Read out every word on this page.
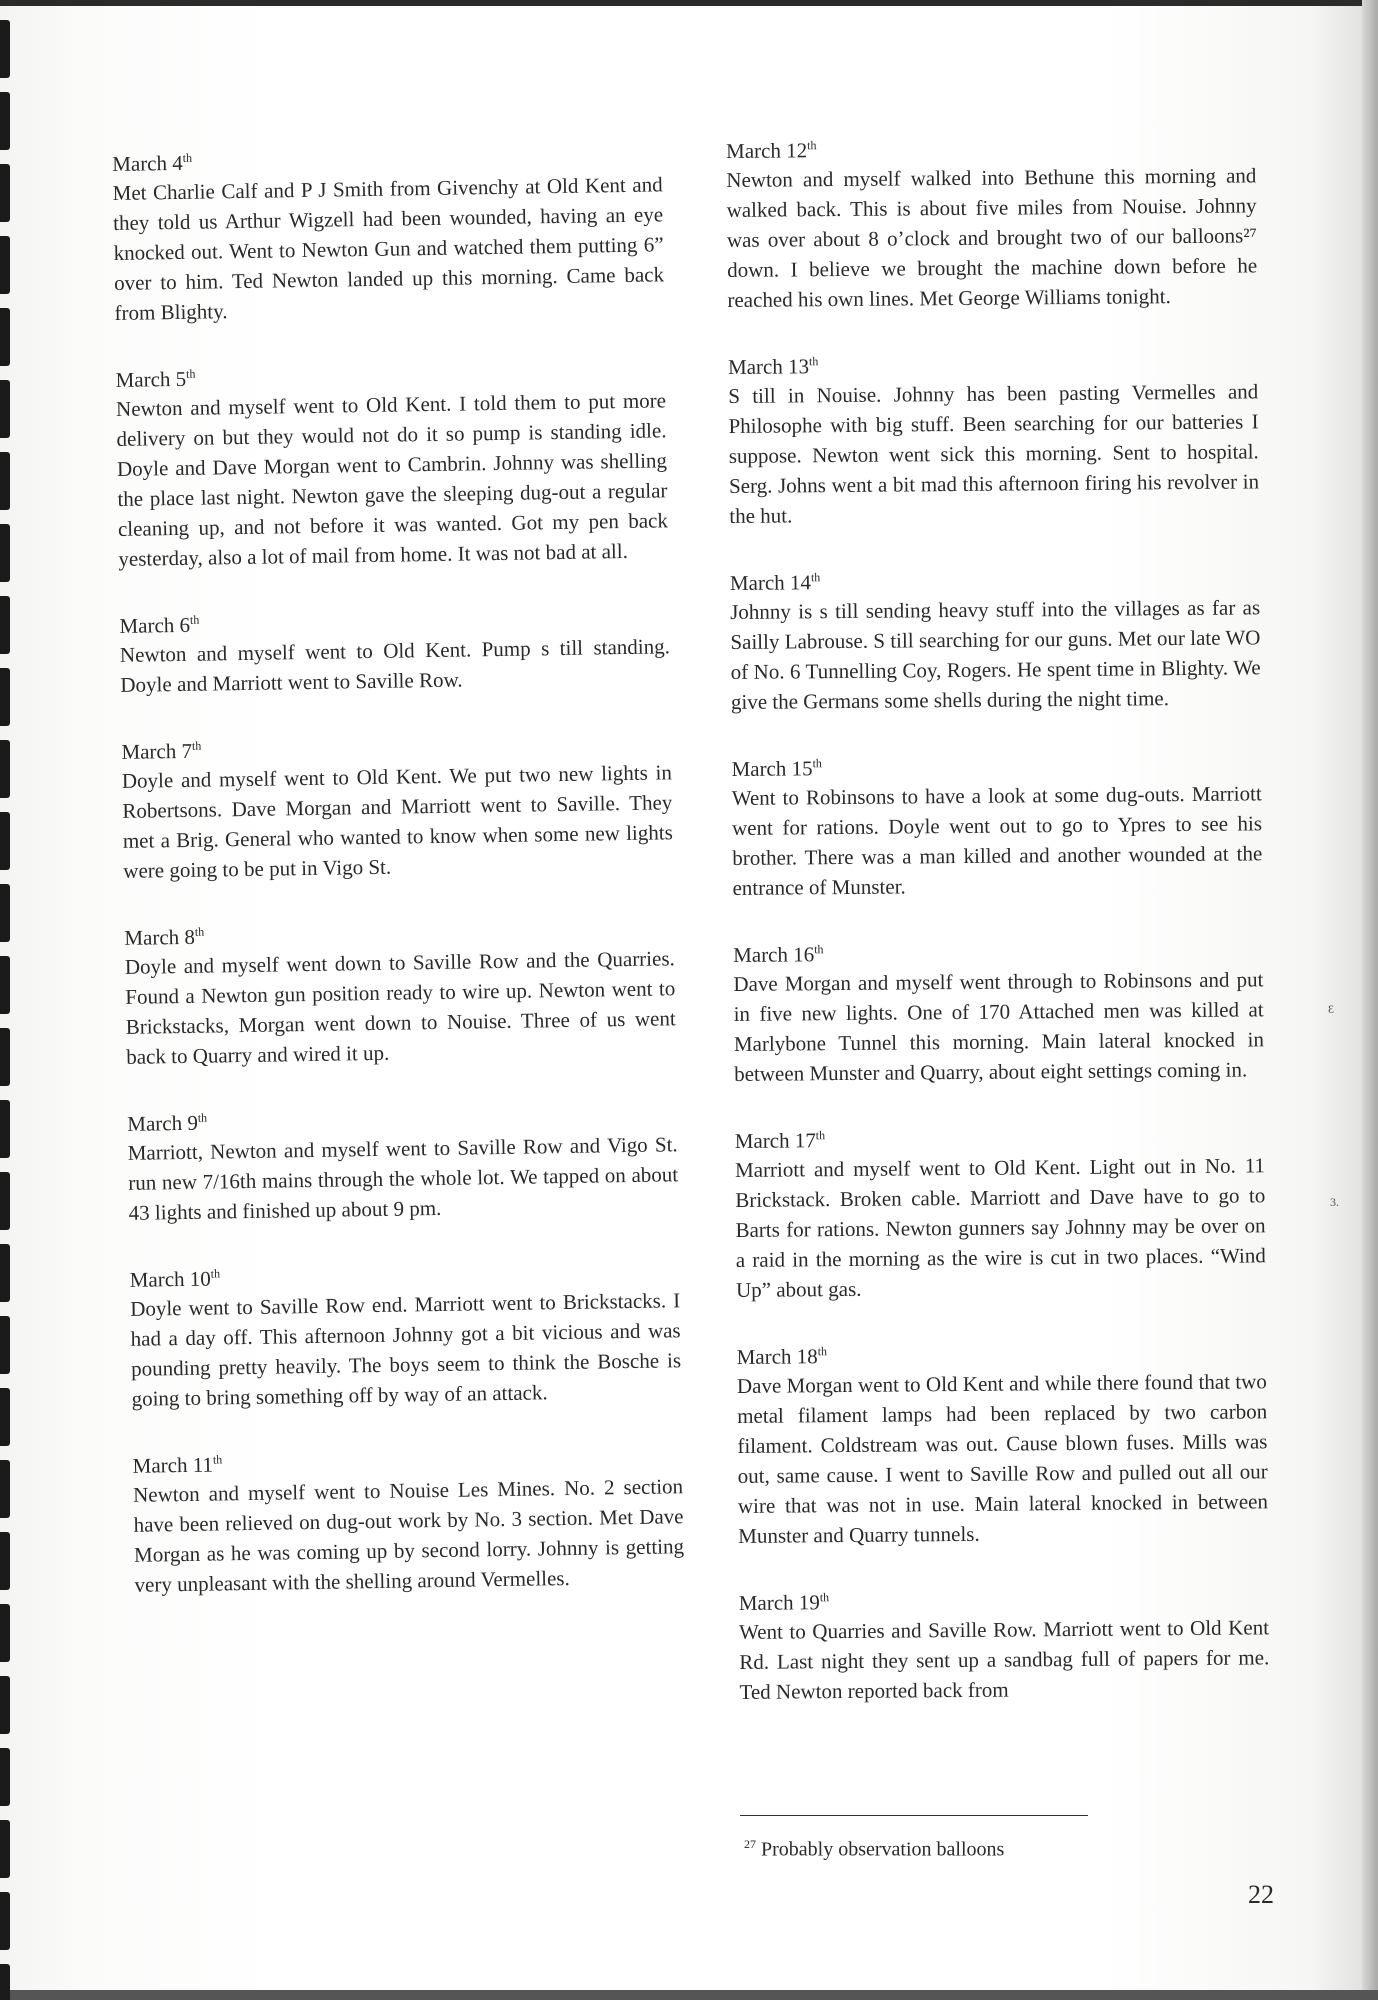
March 4th
Met Charlie Calf and P J Smith from Givenchy at Old Kent and they told us Arthur Wigzell had been wounded, having an eye knocked out. Went to Newton Gun and watched them putting 6” over to him. Ted Newton landed up this morning. Came back from Blighty.
March 5th
Newton and myself went to Old Kent. I told them to put more delivery on but they would not do it so pump is standing idle. Doyle and Dave Morgan went to Cambrin. Johnny was shelling the place last night. Newton gave the sleeping dug-out a regular cleaning up, and not before it was wanted. Got my pen back yesterday, also a lot of mail from home. It was not bad at all.
March 6th
Newton and myself went to Old Kent. Pump s till standing. Doyle and Marriott went to Saville Row.
March 7th
Doyle and myself went to Old Kent. We put two new lights in Robertsons. Dave Morgan and Marriott went to Saville. They met a Brig. General who wanted to know when some new lights were going to be put in Vigo St.
March 8th
Doyle and myself went down to Saville Row and the Quarries. Found a Newton gun position ready to wire up. Newton went to Brickstacks, Morgan went down to Nouise. Three of us went back to Quarry and wired it up.
March 9th
Marriott, Newton and myself went to Saville Row and Vigo St. run new 7/16th mains through the whole lot. We tapped on about 43 lights and finished up about 9 pm.
March 10th
Doyle went to Saville Row end. Marriott went to Brickstacks. I had a day off. This afternoon Johnny got a bit vicious and was pounding pretty heavily. The boys seem to think the Bosche is going to bring something off by way of an attack.
March 11th
Newton and myself went to Nouise Les Mines. No. 2 section have been relieved on dug-out work by No. 3 section. Met Dave Morgan as he was coming up by second lorry. Johnny is getting very unpleasant with the shelling around Vermelles.
March 12th
Newton and myself walked into Bethune this morning and walked back. This is about five miles from Nouise. Johnny was over about 8 o’clock and brought two of our balloons²⁷ down. I believe we brought the machine down before he reached his own lines. Met George Williams tonight.
March 13th
S till in Nouise. Johnny has been pasting Vermelles and Philosophe with big stuff. Been searching for our batteries I suppose. Newton went sick this morning. Sent to hospital. Serg. Johns went a bit mad this afternoon firing his revolver in the hut.
March 14th
Johnny is s till sending heavy stuff into the villages as far as Sailly Labrouse. S till searching for our guns. Met our late WO of No. 6 Tunnelling Coy, Rogers. He spent time in Blighty. We give the Germans some shells during the night time.
March 15th
Went to Robinsons to have a look at some dug-outs. Marriott went for rations. Doyle went out to go to Ypres to see his brother. There was a man killed and another wounded at the entrance of Munster.
March 16th
Dave Morgan and myself went through to Robinsons and put in five new lights. One of 170 Attached men was killed at Marlybone Tunnel this morning. Main lateral knocked in between Munster and Quarry, about eight settings coming in.
March 17th
Marriott and myself went to Old Kent. Light out in No. 11 Brickstack. Broken cable. Marriott and Dave have to go to Barts for rations. Newton gunners say Johnny may be over on a raid in the morning as the wire is cut in two places. “Wind Up” about gas.
March 18th
Dave Morgan went to Old Kent and while there found that two metal filament lamps had been replaced by two carbon filament. Coldstream was out. Cause blown fuses. Mills was out, same cause. I went to Saville Row and pulled out all our wire that was not in use. Main lateral knocked in between Munster and Quarry tunnels.
March 19th
Went to Quarries and Saville Row. Marriott went to Old Kent Rd. Last night they sent up a sandbag full of papers for me. Ted Newton reported back from
$^{27}$ Probably observation balloons
22
3.
Ɛ
